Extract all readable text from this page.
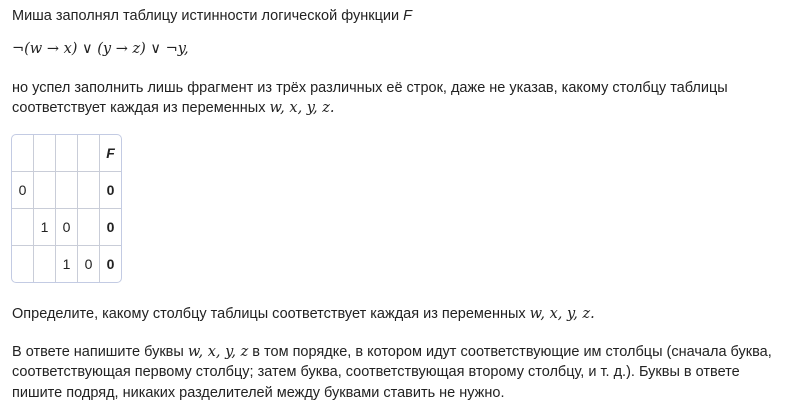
Миша заполнял таблицу истинности логической функции F
¬(w → x) ∨ (y → z) ∨ ¬y,
но успел заполнить лишь фрагмент из трёх различных её строк, даже не указав, какому столбцу таблицы
соответствует каждая из переменных w, x, y, z.
				F
0				0
	1	0		0
		1	0	0
Определите, какому столбцу таблицы соответствует каждая из переменных w, x, y, z.
В ответе напишите буквы w, x, y, z в том порядке, в котором идут соответствующие им столбцы (сначала буква,
соответствующая первому столбцу; затем буква, соответствующая второму столбцу, и т. д.). Буквы в ответе
пишите подряд, никаких разделителей между буквами ставить не нужно.
